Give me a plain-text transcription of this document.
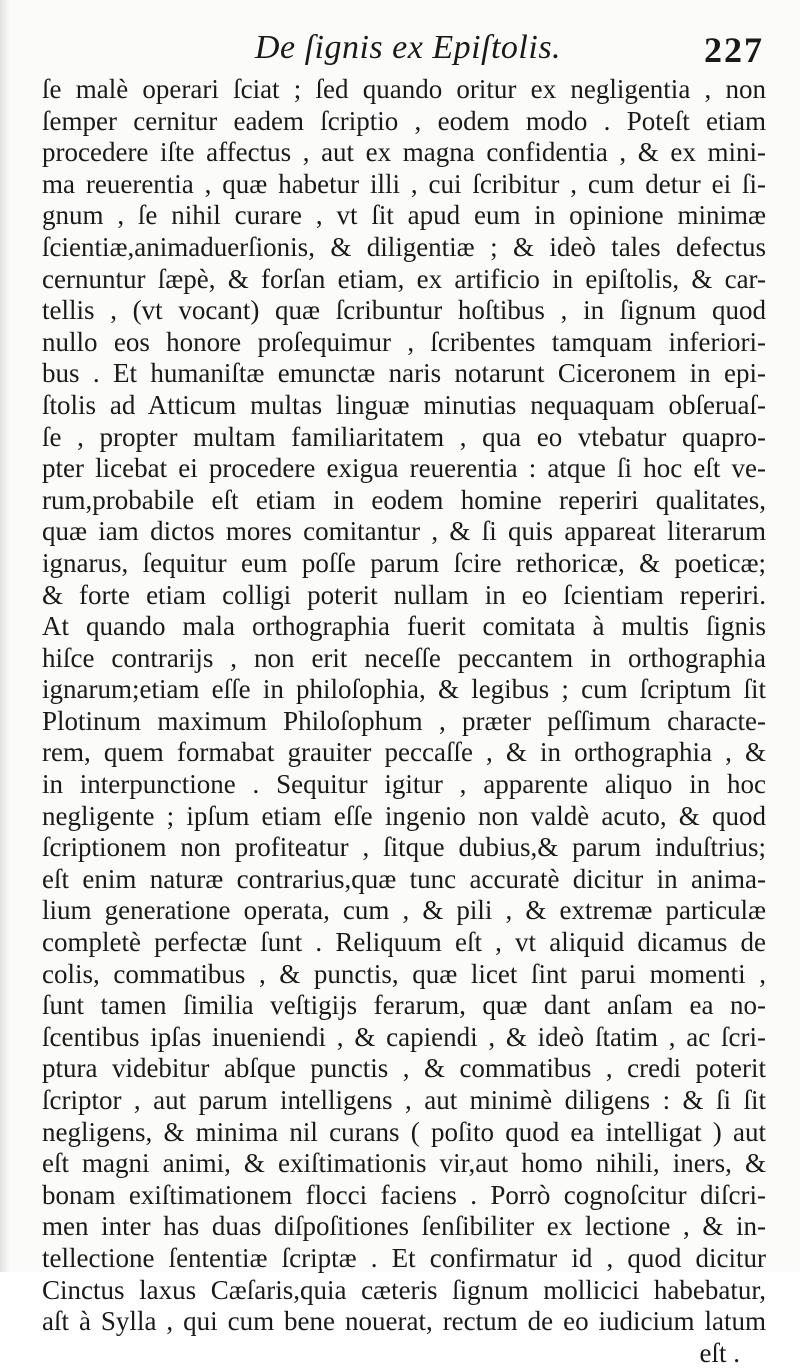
De ſignis ex Epiſtolis.	227
ſe malè operari ſciat ; ſed quando oritur ex negligentia , non
ſemper cernitur eadem ſcriptio , eodem modo . Poteſt etiam
procedere iſte affectus , aut ex magna confidentia , & ex mini-
ma reuerentia , quæ habetur illi , cui ſcribitur , cum detur ei ſi-
gnum , ſe nihil curare , vt ſit apud eum in opinione minimæ
ſcientiæ,animaduerſionis, & diligentiæ ; & ideò tales defectus
cernuntur ſæpè, & forſan etiam, ex artificio in epiſtolis, & car-
tellis , (vt vocant) quæ ſcribuntur hoſtibus , in ſignum quod
nullo eos honore proſequimur , ſcribentes tamquam inferiori-
bus . Et humaniſtæ emunctæ naris notarunt Ciceronem in epi-
ſtolis ad Atticum multas linguæ minutias nequaquam obſeruaſ-
ſe , propter multam familiaritatem , qua eo vtebatur quapro-
pter licebat ei procedere exigua reuerentia : atque ſi hoc eſt ve-
rum,probabile eſt etiam in eodem homine reperiri qualitates,
quæ iam dictos mores comitantur , & ſi quis appareat literarum
ignarus, ſequitur eum poſſe parum ſcire rethoricæ, & poeticæ;
& forte etiam colligi poterit nullam in eo ſcientiam reperiri.
At quando mala orthographia fuerit comitata à multis ſignis
hiſce contrarijs , non erit neceſſe peccantem in orthographia
ignarum;etiam eſſe in philoſophia, & legibus ; cum ſcriptum ſit
Plotinum maximum Philoſophum , præter peſſimum characte-
rem, quem formabat grauiter peccaſſe , & in orthographia , &
in interpunctione . Sequitur igitur , apparente aliquo in hoc
negligente ; ipſum etiam eſſe ingenio non valdè acuto, & quod
ſcriptionem non profiteatur , ſitque dubius,& parum induſtrius;
eſt enim naturæ contrarius,quæ tunc accuratè dicitur in anima-
lium generatione operata, cum , & pili , & extremæ particulæ
completè perfectæ ſunt . Reliquum eſt , vt aliquid dicamus de
colis, commatibus , & punctis, quæ licet ſint parui momenti ,
ſunt tamen ſimilia veſtigijs ferarum, quæ dant anſam ea no-
ſcentibus ipſas inueniendi , & capiendi , & ideò ſtatim , ac ſcri-
ptura videbitur abſque punctis , & commatibus , credi poterit
ſcriptor , aut parum intelligens , aut minimè diligens : & ſi ſit
negligens, & minima nil curans ( poſito quod ea intelligat ) aut
eſt magni animi, & exiſtimationis vir,aut homo nihili, iners, &
bonam exiſtimationem flocci faciens . Porrò cognoſcitur diſcri-
men inter has duas diſpoſitiones ſenſibiliter ex lectione , & in-
tellectione ſententiæ ſcriptæ . Et confirmatur id , quod dicitur
Cinctus laxus Cæſaris,quia cæteris ſignum mollicici habebatur,
aſt à Sylla , qui cum bene nouerat, rectum de eo iudicium latum
eſt .
